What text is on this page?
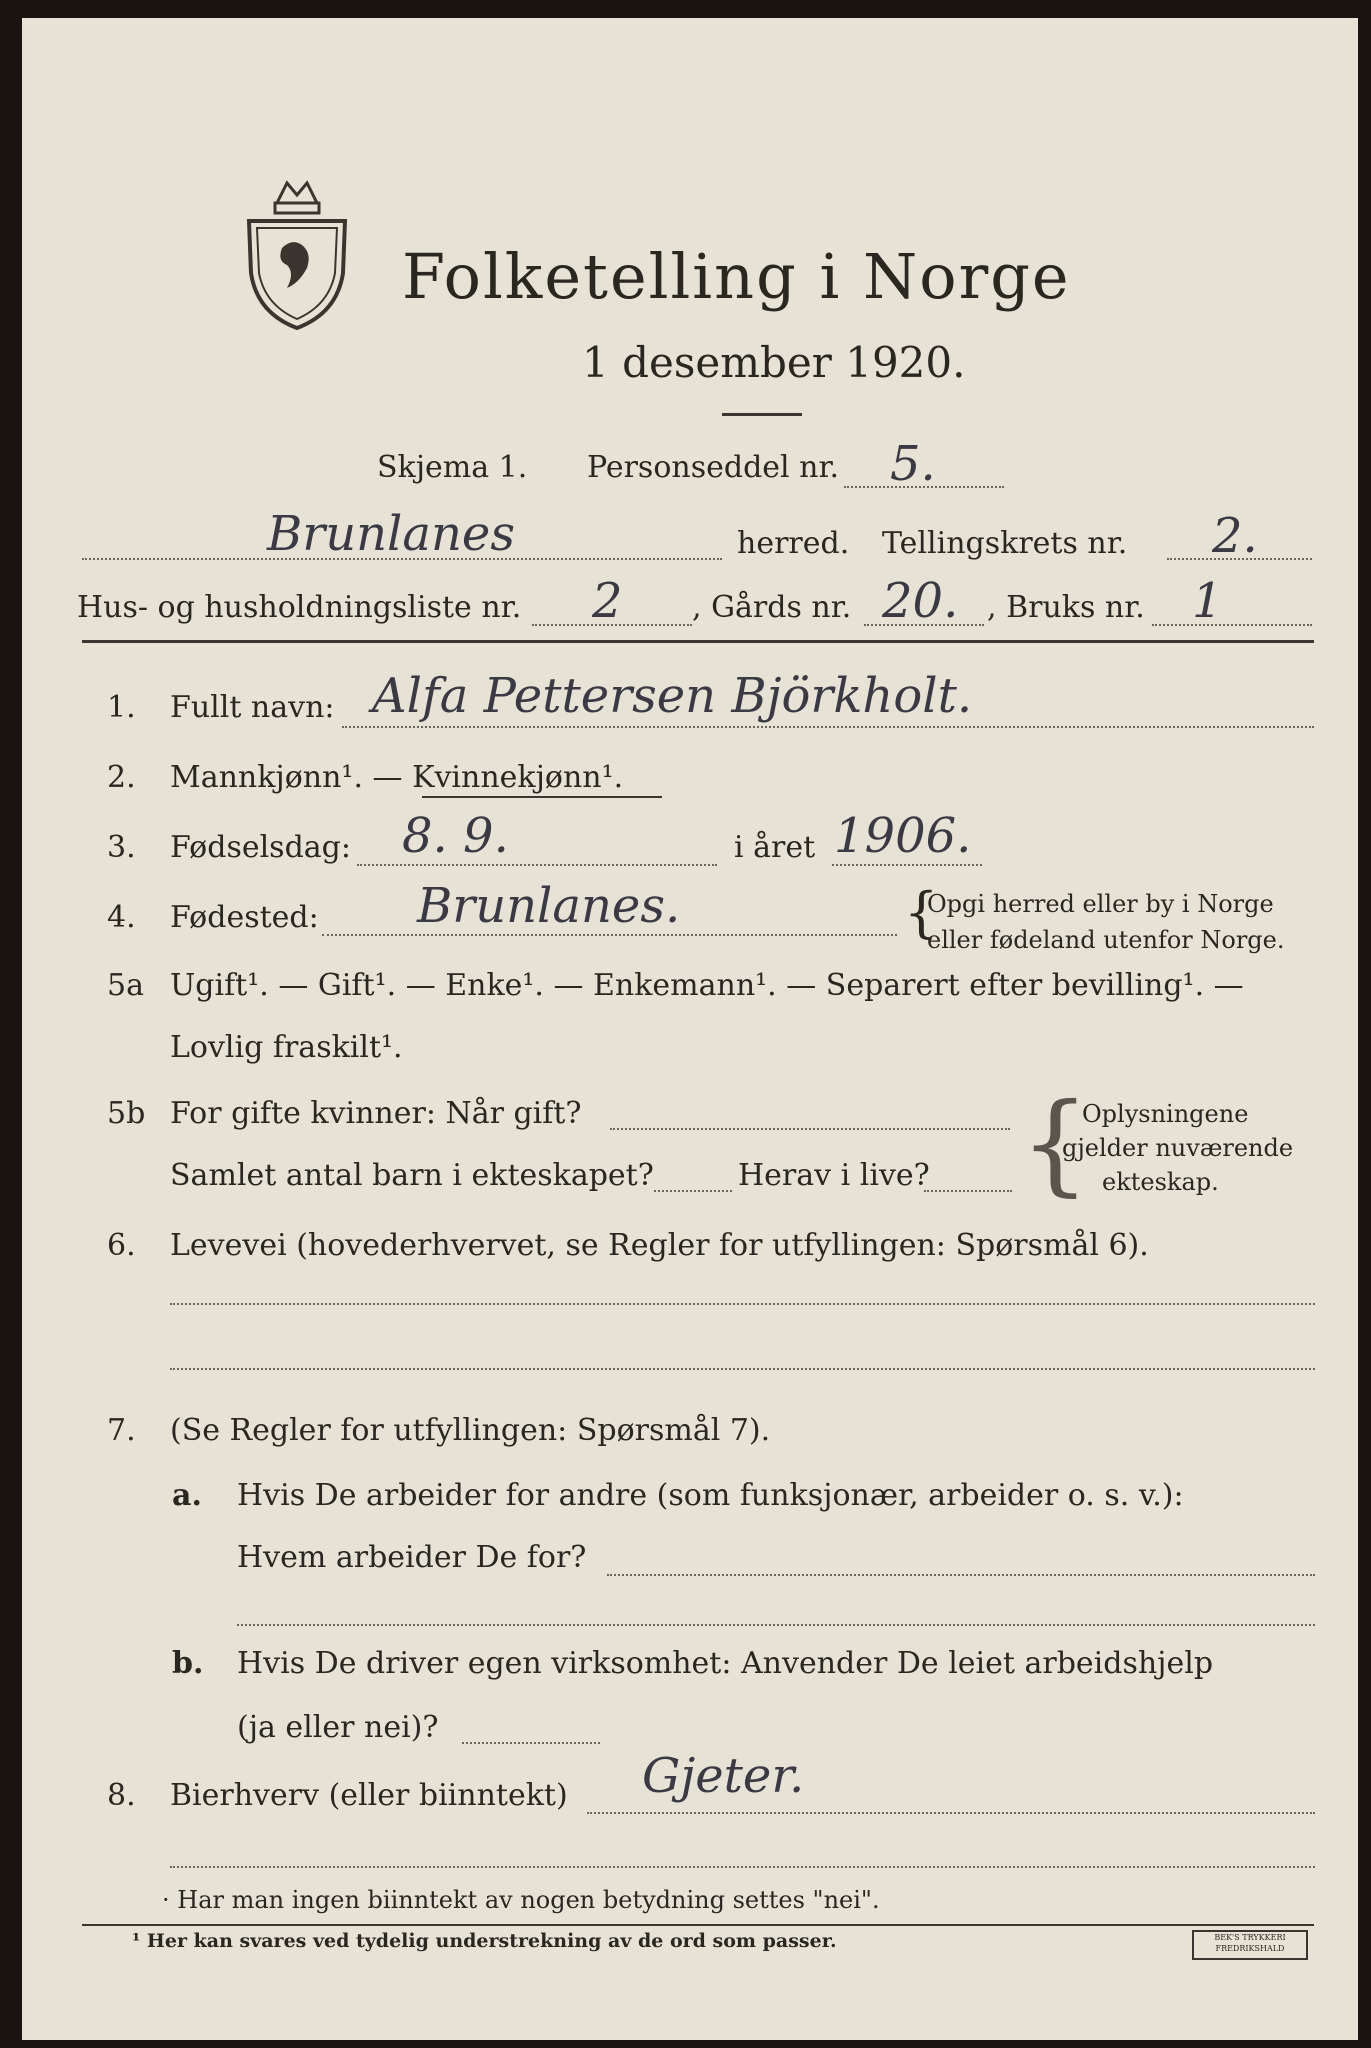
Folketelling i Norge
1 desember 1920.
Skjema 1. Personseddel nr. 5.
Brunlanes	herred. Tellingskrets nr. 2.
Hus- og husholdningsliste nr. 2 , Gårds nr. 20. , Bruks nr. 1
1. Fullt navn: Alfa Pettersen Björkholt.
2. Mannkjønn¹. — Kvinnekjønn¹.
3. Fødselsdag: 8. 9.	i året 1906.
4. Fødested: Brunlanes.	{
Opgi herred eller by i Norge
eller fødeland utenfor Norge.
5a Ugift¹. — Gift¹. — Enke¹. — Enkemann¹. — Separert efter bevilling¹. —
Lovlig fraskilt¹.
5b For gifte kvinner: Når gift?
Samlet antal barn i ekteskapet?	Herav i live? {
Oplysningene
gjelder nuværende
ekteskap.
6. Levevei (hovederhvervet, se Regler for utfyllingen: Spørsmål 6).
7. (Se Regler for utfyllingen: Spørsmål 7).
a. Hvis De arbeider for andre (som funksjonær, arbeider o. s. v.):
Hvem arbeider De for?
b. Hvis De driver egen virksomhet: Anvender De leiet arbeidshjelp
(ja eller nei)?
8. Bierhverv (eller biinntekt) Gjeter.
· Har man ingen biinntekt av nogen betydning settes "nei".
¹ Her kan svares ved tydelig understrekning av de ord som passer.	BEK'S TRYKKERI FREDRIKSHALD
